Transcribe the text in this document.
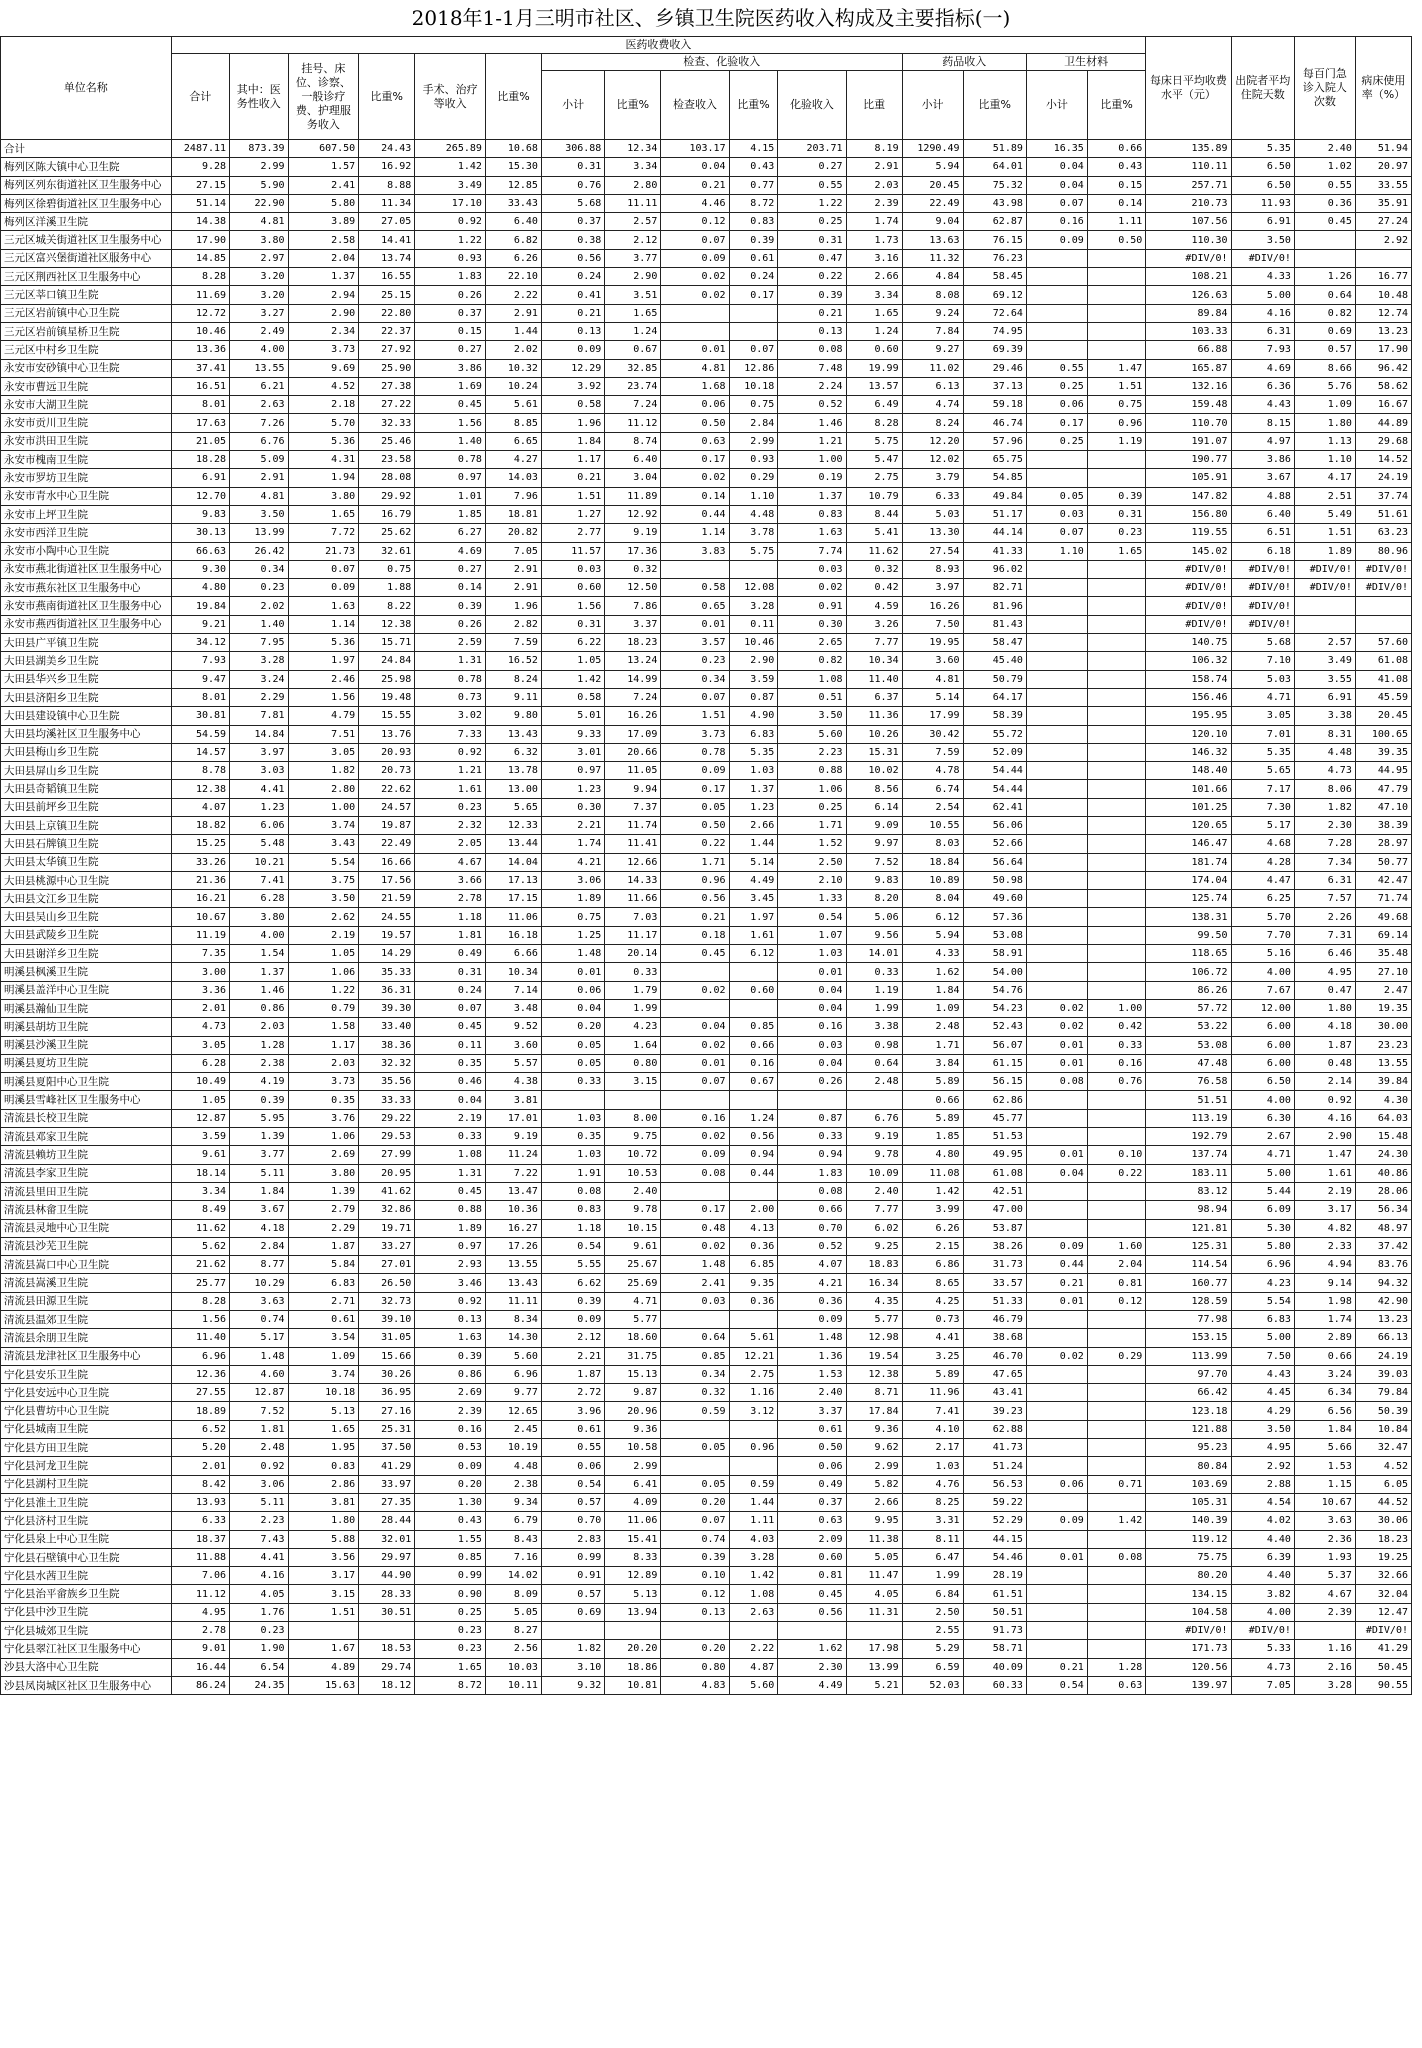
2018年1-1月三明市社区、乡镇卫生院医药收入构成及主要指标(一)
单位名称	医药收费收入																每床日平均收费水平（元）	出院者平均住院天数	每百门急诊入院人次数	病床使用率（%）
	合计	其中：医务性收入	挂号、床位、诊察、一般诊疗费、护理服务收入	比重%	手术、治疗等收入	比重%	检查、化验收入						药品收入		卫生材料					
							小计	比重%	检查收入	比重%	化验收入	比重	小计	比重%	小计	比重%				
合计	2487.11	873.39	607.50	24.43	265.89	10.68	306.88	12.34	103.17	4.15	203.71	8.19	1290.49	51.89	16.35	0.66	135.89	5.35	2.40	51.94
梅列区陈大镇中心卫生院	9.28	2.99	1.57	16.92	1.42	15.30	0.31	3.34	0.04	0.43	0.27	2.91	5.94	64.01	0.04	0.43	110.11	6.50	1.02	20.97
梅列区列东街道社区卫生服务中心	27.15	5.90	2.41	8.88	3.49	12.85	0.76	2.80	0.21	0.77	0.55	2.03	20.45	75.32	0.04	0.15	257.71	6.50	0.55	33.55
梅列区徐碧街道社区卫生服务中心	51.14	22.90	5.80	11.34	17.10	33.43	5.68	11.11	4.46	8.72	1.22	2.39	22.49	43.98	0.07	0.14	210.73	11.93	0.36	35.91
梅列区洋溪卫生院	14.38	4.81	3.89	27.05	0.92	6.40	0.37	2.57	0.12	0.83	0.25	1.74	9.04	62.87	0.16	1.11	107.56	6.91	0.45	27.24
三元区城关街道社区卫生服务中心	17.90	3.80	2.58	14.41	1.22	6.82	0.38	2.12	0.07	0.39	0.31	1.73	13.63	76.15	0.09	0.50	110.30	3.50		2.92
三元区富兴堡街道社区服务中心	14.85	2.97	2.04	13.74	0.93	6.26	0.56	3.77	0.09	0.61	0.47	3.16	11.32	76.23			#DIV/0!	#DIV/0!		
三元区荆西社区卫生服务中心	8.28	3.20	1.37	16.55	1.83	22.10	0.24	2.90	0.02	0.24	0.22	2.66	4.84	58.45			108.21	4.33	1.26	16.77
三元区莘口镇卫生院	11.69	3.20	2.94	25.15	0.26	2.22	0.41	3.51	0.02	0.17	0.39	3.34	8.08	69.12			126.63	5.00	0.64	10.48
三元区岩前镇中心卫生院	12.72	3.27	2.90	22.80	0.37	2.91	0.21	1.65			0.21	1.65	9.24	72.64			89.84	4.16	0.82	12.74
三元区岩前镇星桥卫生院	10.46	2.49	2.34	22.37	0.15	1.44	0.13	1.24			0.13	1.24	7.84	74.95			103.33	6.31	0.69	13.23
三元区中村乡卫生院	13.36	4.00	3.73	27.92	0.27	2.02	0.09	0.67	0.01	0.07	0.08	0.60	9.27	69.39			66.88	7.93	0.57	17.90
永安市安砂镇中心卫生院	37.41	13.55	9.69	25.90	3.86	10.32	12.29	32.85	4.81	12.86	7.48	19.99	11.02	29.46	0.55	1.47	165.87	4.69	8.66	96.42
永安市曹远卫生院	16.51	6.21	4.52	27.38	1.69	10.24	3.92	23.74	1.68	10.18	2.24	13.57	6.13	37.13	0.25	1.51	132.16	6.36	5.76	58.62
永安市大湖卫生院	8.01	2.63	2.18	27.22	0.45	5.61	0.58	7.24	0.06	0.75	0.52	6.49	4.74	59.18	0.06	0.75	159.48	4.43	1.09	16.67
永安市贡川卫生院	17.63	7.26	5.70	32.33	1.56	8.85	1.96	11.12	0.50	2.84	1.46	8.28	8.24	46.74	0.17	0.96	110.70	8.15	1.80	44.89
永安市洪田卫生院	21.05	6.76	5.36	25.46	1.40	6.65	1.84	8.74	0.63	2.99	1.21	5.75	12.20	57.96	0.25	1.19	191.07	4.97	1.13	29.68
永安市槐南卫生院	18.28	5.09	4.31	23.58	0.78	4.27	1.17	6.40	0.17	0.93	1.00	5.47	12.02	65.75			190.77	3.86	1.10	14.52
永安市罗坊卫生院	6.91	2.91	1.94	28.08	0.97	14.03	0.21	3.04	0.02	0.29	0.19	2.75	3.79	54.85			105.91	3.67	4.17	24.19
永安市青水中心卫生院	12.70	4.81	3.80	29.92	1.01	7.96	1.51	11.89	0.14	1.10	1.37	10.79	6.33	49.84	0.05	0.39	147.82	4.88	2.51	37.74
永安市上坪卫生院	9.83	3.50	1.65	16.79	1.85	18.81	1.27	12.92	0.44	4.48	0.83	8.44	5.03	51.17	0.03	0.31	156.80	6.40	5.49	51.61
永安市西洋卫生院	30.13	13.99	7.72	25.62	6.27	20.82	2.77	9.19	1.14	3.78	1.63	5.41	13.30	44.14	0.07	0.23	119.55	6.51	1.51	63.23
永安市小陶中心卫生院	66.63	26.42	21.73	32.61	4.69	7.05	11.57	17.36	3.83	5.75	7.74	11.62	27.54	41.33	1.10	1.65	145.02	6.18	1.89	80.96
永安市燕北街道社区卫生服务中心	9.30	0.34	0.07	0.75	0.27	2.91	0.03	0.32			0.03	0.32	8.93	96.02			#DIV/0!	#DIV/0!	#DIV/0!	#DIV/0!
永安市燕东社区卫生服务中心	4.80	0.23	0.09	1.88	0.14	2.91	0.60	12.50	0.58	12.08	0.02	0.42	3.97	82.71			#DIV/0!	#DIV/0!	#DIV/0!	#DIV/0!
永安市燕南街道社区卫生服务中心	19.84	2.02	1.63	8.22	0.39	1.96	1.56	7.86	0.65	3.28	0.91	4.59	16.26	81.96			#DIV/0!	#DIV/0!		
永安市燕西街道社区卫生服务中心	9.21	1.40	1.14	12.38	0.26	2.82	0.31	3.37	0.01	0.11	0.30	3.26	7.50	81.43			#DIV/0!	#DIV/0!		
大田县广平镇卫生院	34.12	7.95	5.36	15.71	2.59	7.59	6.22	18.23	3.57	10.46	2.65	7.77	19.95	58.47			140.75	5.68	2.57	57.60
大田县湖美乡卫生院	7.93	3.28	1.97	24.84	1.31	16.52	1.05	13.24	0.23	2.90	0.82	10.34	3.60	45.40			106.32	7.10	3.49	61.08
大田县华兴乡卫生院	9.47	3.24	2.46	25.98	0.78	8.24	1.42	14.99	0.34	3.59	1.08	11.40	4.81	50.79			158.74	5.03	3.55	41.08
大田县济阳乡卫生院	8.01	2.29	1.56	19.48	0.73	9.11	0.58	7.24	0.07	0.87	0.51	6.37	5.14	64.17			156.46	4.71	6.91	45.59
大田县建设镇中心卫生院	30.81	7.81	4.79	15.55	3.02	9.80	5.01	16.26	1.51	4.90	3.50	11.36	17.99	58.39			195.95	3.05	3.38	20.45
大田县均溪社区卫生服务中心	54.59	14.84	7.51	13.76	7.33	13.43	9.33	17.09	3.73	6.83	5.60	10.26	30.42	55.72			120.10	7.01	8.31	100.65
大田县梅山乡卫生院	14.57	3.97	3.05	20.93	0.92	6.32	3.01	20.66	0.78	5.35	2.23	15.31	7.59	52.09			146.32	5.35	4.48	39.35
大田县屏山乡卫生院	8.78	3.03	1.82	20.73	1.21	13.78	0.97	11.05	0.09	1.03	0.88	10.02	4.78	54.44			148.40	5.65	4.73	44.95
大田县奇韬镇卫生院	12.38	4.41	2.80	22.62	1.61	13.00	1.23	9.94	0.17	1.37	1.06	8.56	6.74	54.44			101.66	7.17	8.06	47.79
大田县前坪乡卫生院	4.07	1.23	1.00	24.57	0.23	5.65	0.30	7.37	0.05	1.23	0.25	6.14	2.54	62.41			101.25	7.30	1.82	47.10
大田县上京镇卫生院	18.82	6.06	3.74	19.87	2.32	12.33	2.21	11.74	0.50	2.66	1.71	9.09	10.55	56.06			120.65	5.17	2.30	38.39
大田县石牌镇卫生院	15.25	5.48	3.43	22.49	2.05	13.44	1.74	11.41	0.22	1.44	1.52	9.97	8.03	52.66			146.47	4.68	7.28	28.97
大田县太华镇卫生院	33.26	10.21	5.54	16.66	4.67	14.04	4.21	12.66	1.71	5.14	2.50	7.52	18.84	56.64			181.74	4.28	7.34	50.77
大田县桃源中心卫生院	21.36	7.41	3.75	17.56	3.66	17.13	3.06	14.33	0.96	4.49	2.10	9.83	10.89	50.98			174.04	4.47	6.31	42.47
大田县文江乡卫生院	16.21	6.28	3.50	21.59	2.78	17.15	1.89	11.66	0.56	3.45	1.33	8.20	8.04	49.60			125.74	6.25	7.57	71.74
大田县吴山乡卫生院	10.67	3.80	2.62	24.55	1.18	11.06	0.75	7.03	0.21	1.97	0.54	5.06	6.12	57.36			138.31	5.70	2.26	49.68
大田县武陵乡卫生院	11.19	4.00	2.19	19.57	1.81	16.18	1.25	11.17	0.18	1.61	1.07	9.56	5.94	53.08			99.50	7.70	7.31	69.14
大田县谢洋乡卫生院	7.35	1.54	1.05	14.29	0.49	6.66	1.48	20.14	0.45	6.12	1.03	14.01	4.33	58.91			118.65	5.16	6.46	35.48
明溪县枫溪卫生院	3.00	1.37	1.06	35.33	0.31	10.34	0.01	0.33			0.01	0.33	1.62	54.00			106.72	4.00	4.95	27.10
明溪县盖洋中心卫生院	3.36	1.46	1.22	36.31	0.24	7.14	0.06	1.79	0.02	0.60	0.04	1.19	1.84	54.76			86.26	7.67	0.47	2.47
明溪县瀚仙卫生院	2.01	0.86	0.79	39.30	0.07	3.48	0.04	1.99			0.04	1.99	1.09	54.23	0.02	1.00	57.72	12.00	1.80	19.35
明溪县胡坊卫生院	4.73	2.03	1.58	33.40	0.45	9.52	0.20	4.23	0.04	0.85	0.16	3.38	2.48	52.43	0.02	0.42	53.22	6.00	4.18	30.00
明溪县沙溪卫生院	3.05	1.28	1.17	38.36	0.11	3.60	0.05	1.64	0.02	0.66	0.03	0.98	1.71	56.07	0.01	0.33	53.08	6.00	1.87	23.23
明溪县夏坊卫生院	6.28	2.38	2.03	32.32	0.35	5.57	0.05	0.80	0.01	0.16	0.04	0.64	3.84	61.15	0.01	0.16	47.48	6.00	0.48	13.55
明溪县夏阳中心卫生院	10.49	4.19	3.73	35.56	0.46	4.38	0.33	3.15	0.07	0.67	0.26	2.48	5.89	56.15	0.08	0.76	76.58	6.50	2.14	39.84
明溪县雪峰社区卫生服务中心	1.05	0.39	0.35	33.33	0.04	3.81							0.66	62.86			51.51	4.00	0.92	4.30
清流县长校卫生院	12.87	5.95	3.76	29.22	2.19	17.01	1.03	8.00	0.16	1.24	0.87	6.76	5.89	45.77			113.19	6.30	4.16	64.03
清流县邓家卫生院	3.59	1.39	1.06	29.53	0.33	9.19	0.35	9.75	0.02	0.56	0.33	9.19	1.85	51.53			192.79	2.67	2.90	15.48
清流县赖坊卫生院	9.61	3.77	2.69	27.99	1.08	11.24	1.03	10.72	0.09	0.94	0.94	9.78	4.80	49.95	0.01	0.10	137.74	4.71	1.47	24.30
清流县李家卫生院	18.14	5.11	3.80	20.95	1.31	7.22	1.91	10.53	0.08	0.44	1.83	10.09	11.08	61.08	0.04	0.22	183.11	5.00	1.61	40.86
清流县里田卫生院	3.34	1.84	1.39	41.62	0.45	13.47	0.08	2.40			0.08	2.40	1.42	42.51			83.12	5.44	2.19	28.06
清流县林畲卫生院	8.49	3.67	2.79	32.86	0.88	10.36	0.83	9.78	0.17	2.00	0.66	7.77	3.99	47.00			98.94	6.09	3.17	56.34
清流县灵地中心卫生院	11.62	4.18	2.29	19.71	1.89	16.27	1.18	10.15	0.48	4.13	0.70	6.02	6.26	53.87			121.81	5.30	4.82	48.97
清流县沙芜卫生院	5.62	2.84	1.87	33.27	0.97	17.26	0.54	9.61	0.02	0.36	0.52	9.25	2.15	38.26	0.09	1.60	125.31	5.80	2.33	37.42
清流县嵩口中心卫生院	21.62	8.77	5.84	27.01	2.93	13.55	5.55	25.67	1.48	6.85	4.07	18.83	6.86	31.73	0.44	2.04	114.54	6.96	4.94	83.76
清流县嵩溪卫生院	25.77	10.29	6.83	26.50	3.46	13.43	6.62	25.69	2.41	9.35	4.21	16.34	8.65	33.57	0.21	0.81	160.77	4.23	9.14	94.32
清流县田源卫生院	8.28	3.63	2.71	32.73	0.92	11.11	0.39	4.71	0.03	0.36	0.36	4.35	4.25	51.33	0.01	0.12	128.59	5.54	1.98	42.90
清流县温郊卫生院	1.56	0.74	0.61	39.10	0.13	8.34	0.09	5.77			0.09	5.77	0.73	46.79			77.98	6.83	1.74	13.23
清流县余朋卫生院	11.40	5.17	3.54	31.05	1.63	14.30	2.12	18.60	0.64	5.61	1.48	12.98	4.41	38.68			153.15	5.00	2.89	66.13
清流县龙津社区卫生服务中心	6.96	1.48	1.09	15.66	0.39	5.60	2.21	31.75	0.85	12.21	1.36	19.54	3.25	46.70	0.02	0.29	113.99	7.50	0.66	24.19
宁化县安乐卫生院	12.36	4.60	3.74	30.26	0.86	6.96	1.87	15.13	0.34	2.75	1.53	12.38	5.89	47.65			97.70	4.43	3.24	39.03
宁化县安远中心卫生院	27.55	12.87	10.18	36.95	2.69	9.77	2.72	9.87	0.32	1.16	2.40	8.71	11.96	43.41			66.42	4.45	6.34	79.84
宁化县曹坊中心卫生院	18.89	7.52	5.13	27.16	2.39	12.65	3.96	20.96	0.59	3.12	3.37	17.84	7.41	39.23			123.18	4.29	6.56	50.39
宁化县城南卫生院	6.52	1.81	1.65	25.31	0.16	2.45	0.61	9.36			0.61	9.36	4.10	62.88			121.88	3.50	1.84	10.84
宁化县方田卫生院	5.20	2.48	1.95	37.50	0.53	10.19	0.55	10.58	0.05	0.96	0.50	9.62	2.17	41.73			95.23	4.95	5.66	32.47
宁化县河龙卫生院	2.01	0.92	0.83	41.29	0.09	4.48	0.06	2.99			0.06	2.99	1.03	51.24			80.84	2.92	1.53	4.52
宁化县湖村卫生院	8.42	3.06	2.86	33.97	0.20	2.38	0.54	6.41	0.05	0.59	0.49	5.82	4.76	56.53	0.06	0.71	103.69	2.88	1.15	6.05
宁化县淮土卫生院	13.93	5.11	3.81	27.35	1.30	9.34	0.57	4.09	0.20	1.44	0.37	2.66	8.25	59.22			105.31	4.54	10.67	44.52
宁化县济村卫生院	6.33	2.23	1.80	28.44	0.43	6.79	0.70	11.06	0.07	1.11	0.63	9.95	3.31	52.29	0.09	1.42	140.39	4.02	3.63	30.06
宁化县泉上中心卫生院	18.37	7.43	5.88	32.01	1.55	8.43	2.83	15.41	0.74	4.03	2.09	11.38	8.11	44.15			119.12	4.40	2.36	18.23
宁化县石壁镇中心卫生院	11.88	4.41	3.56	29.97	0.85	7.16	0.99	8.33	0.39	3.28	0.60	5.05	6.47	54.46	0.01	0.08	75.75	6.39	1.93	19.25
宁化县水茜卫生院	7.06	4.16	3.17	44.90	0.99	14.02	0.91	12.89	0.10	1.42	0.81	11.47	1.99	28.19			80.20	4.40	5.37	32.66
宁化县治平畲族乡卫生院	11.12	4.05	3.15	28.33	0.90	8.09	0.57	5.13	0.12	1.08	0.45	4.05	6.84	61.51			134.15	3.82	4.67	32.04
宁化县中沙卫生院	4.95	1.76	1.51	30.51	0.25	5.05	0.69	13.94	0.13	2.63	0.56	11.31	2.50	50.51			104.58	4.00	2.39	12.47
宁化县城郊卫生院	2.78	0.23			0.23	8.27							2.55	91.73			#DIV/0!	#DIV/0!		#DIV/0!
宁化县翠江社区卫生服务中心	9.01	1.90	1.67	18.53	0.23	2.56	1.82	20.20	0.20	2.22	1.62	17.98	5.29	58.71			171.73	5.33	1.16	41.29
沙县大洛中心卫生院	16.44	6.54	4.89	29.74	1.65	10.03	3.10	18.86	0.80	4.87	2.30	13.99	6.59	40.09	0.21	1.28	120.56	4.73	2.16	50.45
沙县凤岗城区社区卫生服务中心	86.24	24.35	15.63	18.12	8.72	10.11	9.32	10.81	4.83	5.60	4.49	5.21	52.03	60.33	0.54	0.63	139.97	7.05	3.28	90.55
